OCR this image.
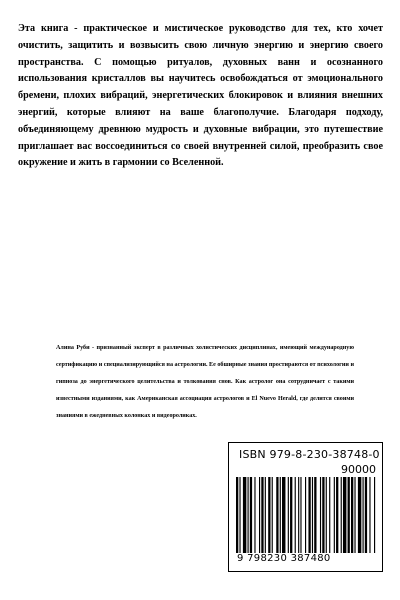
Эта книга - практическое и мистическое руководство для тех, кто хочет очистить, защитить и возвысить свою личную энергию и энергию своего пространства. С помощью ритуалов, духовных ванн и осознанного использования кристаллов вы научитесь освобождаться от эмоционального бремени, плохих вибраций, энергетических блокировок и влияния внешних энергий, которые влияют на ваше благополучие. Благодаря подходу, объединяющему древнюю мудрость и духовные вибрации, это путешествие приглашает вас воссоединиться со своей внутренней силой, преобразить свое окружение и жить в гармонии со Вселенной.

Алина Руби - признанный эксперт в различных холистических дисциплинах, имеющий международную сертификацию и специализирующийся на астрологии. Ее обширные знания простираются от психологии и гипноза до энергетического целительства и толкования снов. Как астролог она сотрудничает с такими известными изданиями, как Американская ассоциация астрологов и El Nuevo Herald, где делится своими знаниями в ежедневных колонках и видеороликах.

ISBN 979-8-230-38748-0
90000
9 798230 387480
